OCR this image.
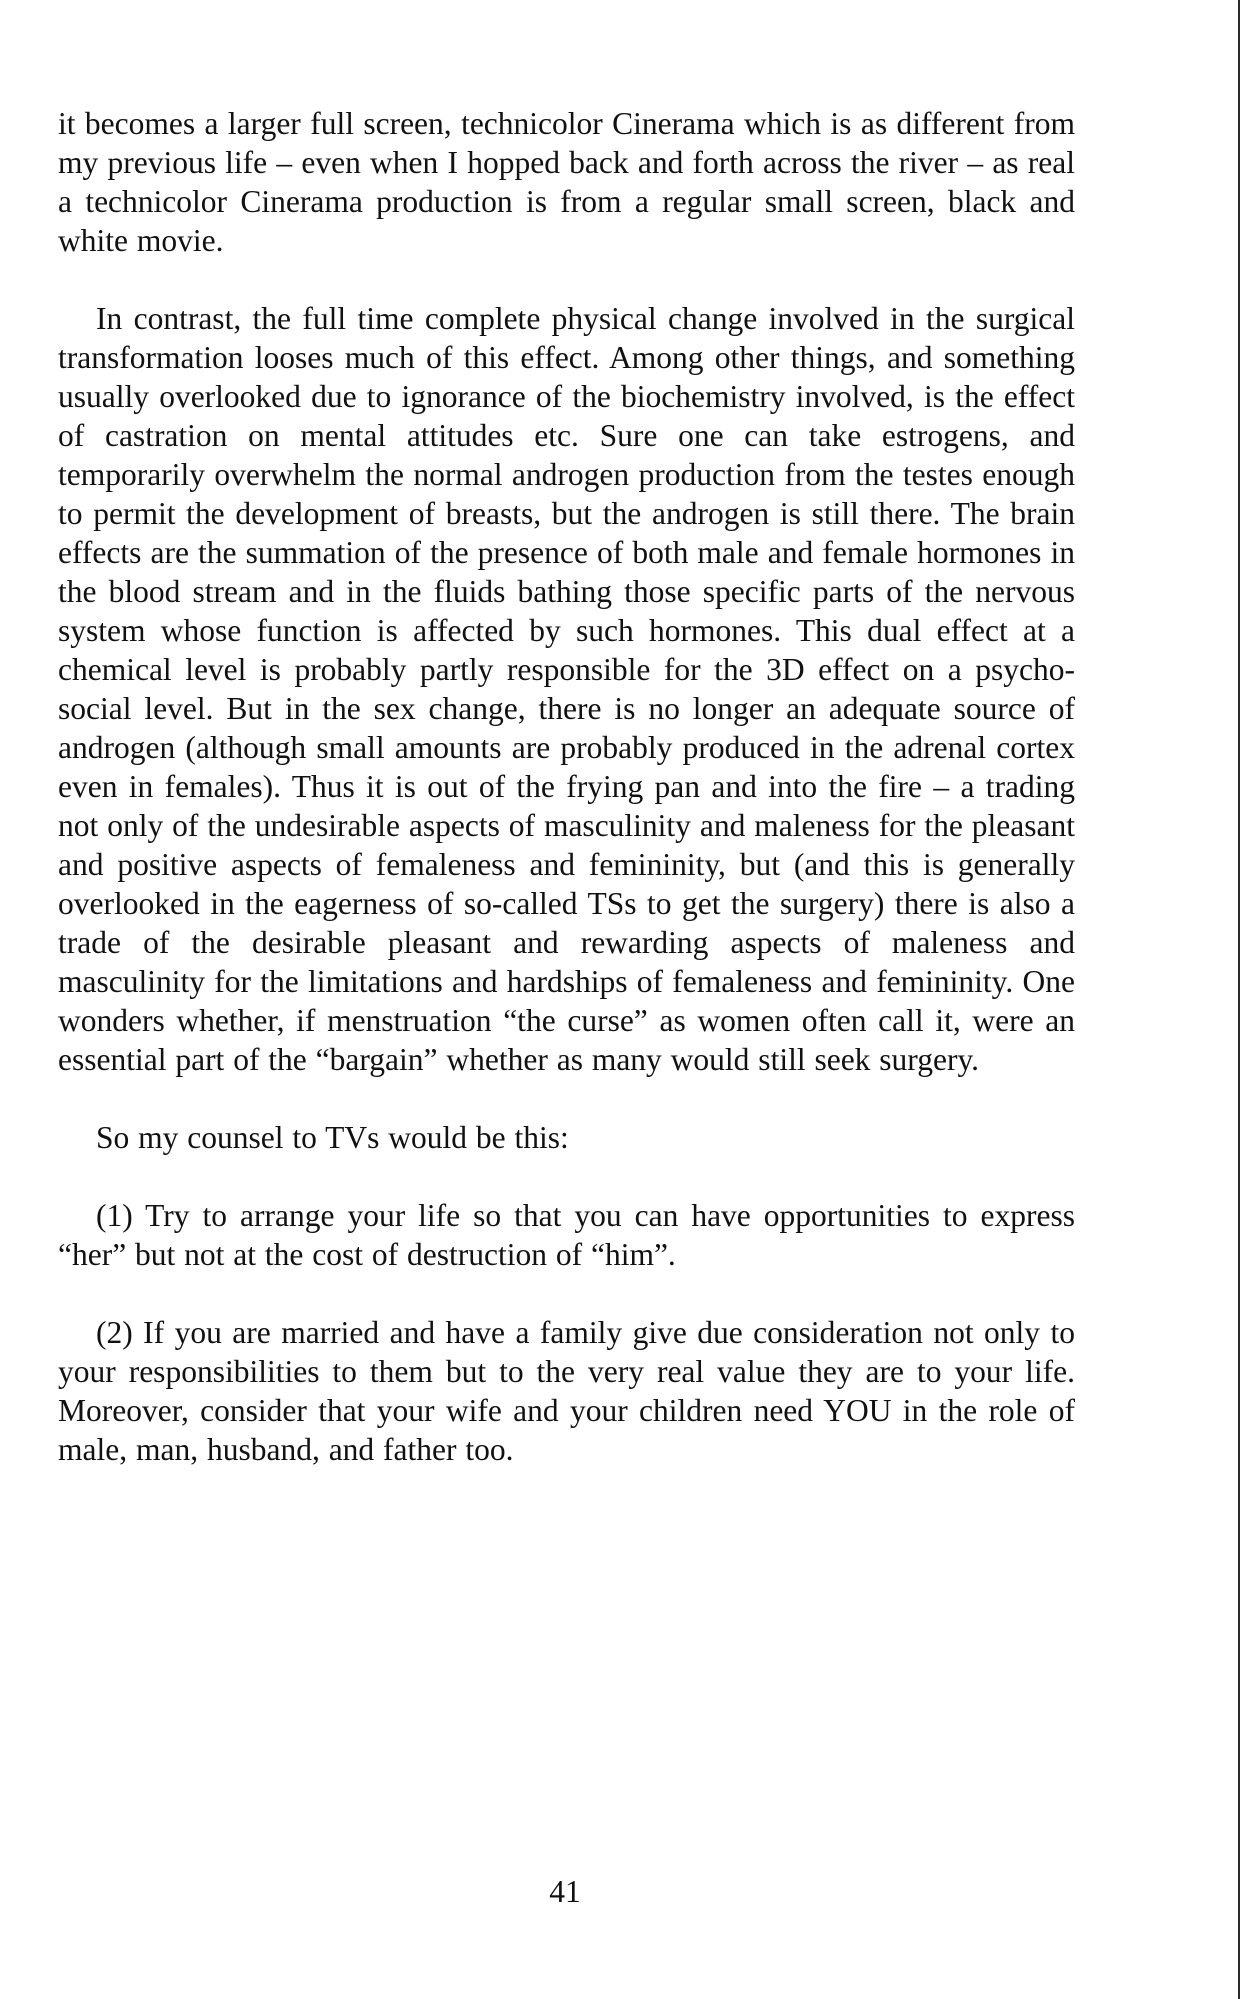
it becomes a larger full screen, technicolor Cinerama which is as different from my previous life – even when I hopped back and forth across the river – as real a technicolor Cinerama production is from a regular small screen, black and white movie.

In contrast, the full time complete physical change involved in the surgical transformation looses much of this effect. Among other things, and something usually overlooked due to ignorance of the biochemistry involved, is the effect of castration on mental attitudes etc. Sure one can take estrogens, and temporarily overwhelm the normal androgen production from the testes enough to permit the development of breasts, but the androgen is still there. The brain effects are the summation of the presence of both male and female hormones in the blood stream and in the fluids bathing those specific parts of the nervous system whose function is affected by such hormones. This dual effect at a chemical level is probably partly responsible for the 3D effect on a psycho-social level. But in the sex change, there is no longer an adequate source of androgen (although small amounts are probably produced in the adrenal cortex even in females). Thus it is out of the frying pan and into the fire – a trading not only of the undesirable aspects of masculinity and maleness for the pleasant and positive aspects of femaleness and femininity, but (and this is generally overlooked in the eagerness of so-called TSs to get the surgery) there is also a trade of the desirable pleasant and rewarding aspects of maleness and masculinity for the limitations and hardships of femaleness and femininity. One wonders whether, if menstruation “the curse” as women often call it, were an essential part of the “bargain” whether as many would still seek surgery.

So my counsel to TVs would be this:

(1) Try to arrange your life so that you can have opportunities to express “her” but not at the cost of destruction of “him”.

(2) If you are married and have a family give due consideration not only to your responsibilities to them but to the very real value they are to your life. Moreover, consider that your wife and your children need YOU in the role of male, man, husband, and father too.

41
